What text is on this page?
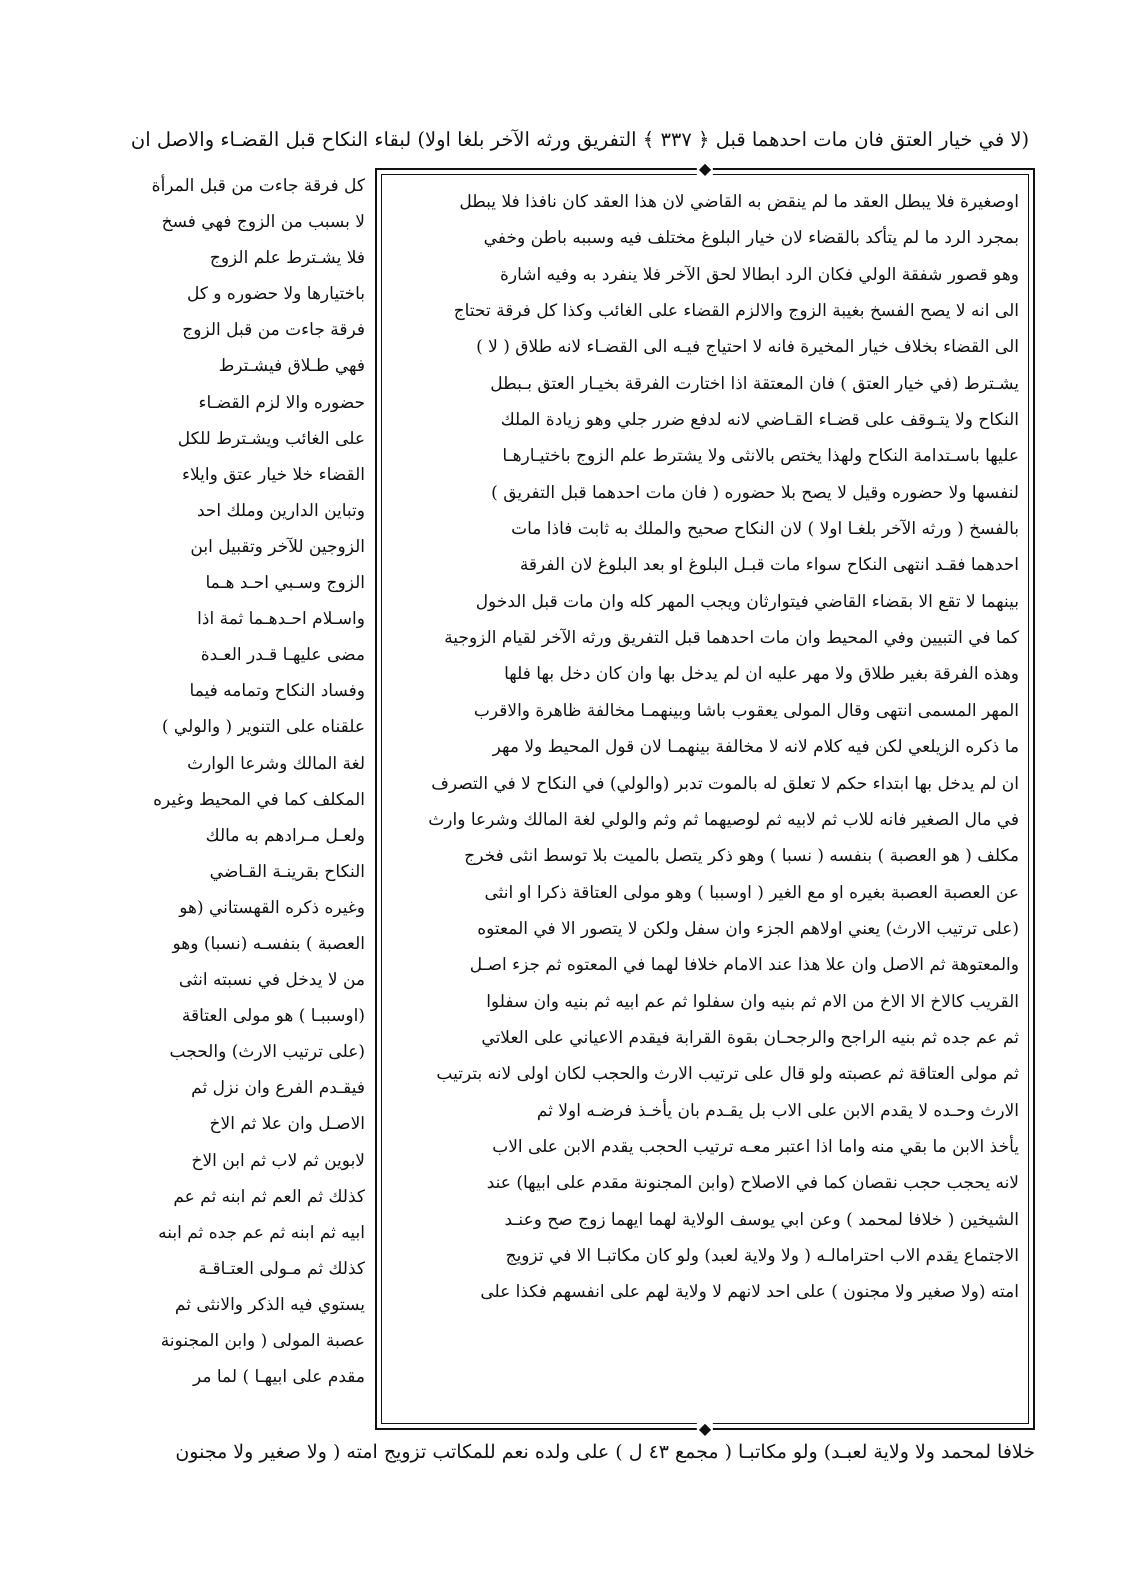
(لا في خيار العتق فان مات احدهما قبل ﴿ ٣٣٧ ﴾ التفريق ورثه الآخر بلغا اولا) لبقاء النكاح قبل القضـاء والاصل ان
كل فرقة جاءت من قبل المرأة
لا بسبب من الزوج فهي فسخ
فلا يشـترط علم الزوج
باختيارها ولا حضوره و كل
فرقة جاءت من قبل الزوج
فهي طـلاق فيشـترط
حضوره والا لزم القضـاء
على الغائب ويشـترط للكل
القضاء خلا خيار عتق وايلاء
وتباين الدارين وملك احد
الزوجين للآخر وتقبيل ابن
الزوج وسـبي احـد هـما
واسـلام احـدهـما ثمة اذا
مضى عليهـا قـدر العـدة
وفساد النكاح وتمامه فيما
علقناه على التنوير ( والولي )
لغة المالك وشرعا الوارث
المكلف كما في المحيط وغيره
ولعـل مـرادهم به مالك
النكاح بقرينـة القـاضي
وغيره ذكره القهستاني (هو
العصبة ) بنفسـه (نسبا) وهو
من لا يدخل في نسبته انثى
(اوسببـا ) هو مولى العتاقة
(على ترتيب الارث) والحجب
فيقـدم الفرع وان نزل ثم
الاصـل وان علا ثم الاخ
لابوين ثم لاب ثم ابن الاخ
كذلك ثم العم ثم ابنه ثم عم
ابيه ثم ابنه ثم عم جده ثم ابنه
كذلك ثم مـولى العتـاقـة
يستوي فيه الذكر والانثى ثم
عصبة المولى ( وابن المجنونة
مقدم على ابيهـا ) لما مر
◆
◆
اوصغيرة فلا يبطل العقد ما لم ينقض به القاضي لان هذا العقد كان نافذا فلا يبطل
بمجرد الرد ما لم يتأكد بالقضاء لان خيار البلوغ مختلف فيه وسببه باطن وخفي
وهو قصور شفقة الولي فكان الرد ابطالا لحق الآخر فلا ينفرد به وفيه اشارة
الى انه لا يصح الفسخ بغيبة الزوج والالزم القضاء على الغائب وكذا كل فرقة تحتاج
الى القضاء بخلاف خيار المخيرة فانه لا احتياج فيـه الى القضـاء لانه طلاق ( لا )
يشـترط (في خيار العتق ) فان المعتقة اذا اختارت الفرقة بخيـار العتق بـبطل
النكاح ولا يتـوقف على قضـاء القـاضي لانه لدفع ضرر جلي وهو زيادة الملك
عليها باسـتدامة النكاح ولهذا يختص بالانثى ولا يشترط علم الزوج باختيـارهـا
لنفسها ولا حضوره وقيل لا يصح بلا حضوره ( فان مات احدهما قبل التفريق )
بالفسخ ( ورثه الآخر بلغـا اولا ) لان النكاح صحيح والملك به ثابت فاذا مات
احدهما فقـد انتهى النكاح سواء مات قبـل البلوغ او بعد البلوغ لان الفرقة
بينهما لا تقع الا بقضاء القاضي فيتوارثان ويجب المهر كله وان مات قبل الدخول
كما في التبيين وفي المحيط وان مات احدهما قبل التفريق ورثه الآخر لقيام الزوجية
وهذه الفرقة بغير طلاق ولا مهر عليه ان لم يدخل بها وان كان دخل بها فلها
المهر المسمى انتهى وقال المولى يعقوب باشا وبينهمـا مخالفة ظاهرة والاقرب
ما ذكره الزيلعي لكن فيه كلام لانه لا مخالفة بينهمـا لان قول المحيط ولا مهر
ان لم يدخل بها ابتداء حكم لا تعلق له بالموت تدبر (والولي) في النكاح لا في التصرف
في مال الصغير فانه للاب ثم لابيه ثم لوصيهما ثم وثم والولي لغة المالك وشرعا وارث
مكلف ( هو العصبة ) بنفسه ( نسبا ) وهو ذكر يتصل بالميت بلا توسط انثى فخرج
عن العصبة العصبة بغيره او مع الغير ( اوسببا ) وهو مولى العتاقة ذكرا او انثى
(على ترتيب الارث) يعني اولاهم الجزء وان سفل ولكن لا يتصور الا في المعتوه
والمعتوهة ثم الاصل وان علا هذا عند الامام خلافا لهما في المعتوه ثم جزء اصـل
القريب كالاخ الا الاخ من الام ثم بنيه وان سفلوا ثم عم ابيه ثم بنيه وان سفلوا
ثم عم جده ثم بنيه الراجح والرجحـان بقوة القرابة فيقدم الاعياني على العلاتي
ثم مولى العتاقة ثم عصبته ولو قال على ترتيب الارث والحجب لكان اولى لانه بترتيب
الارث وحـده لا يقدم الابن على الاب بل يقـدم بان يأخـذ فرضـه اولا ثم
يأخذ الابن ما بقي منه واما اذا اعتبر معـه ترتيب الحجب يقدم الابن على الاب
لانه يحجب حجب نقصان كما في الاصلاح (وابن المجنونة مقدم على ابيها) عند
الشيخين ( خلافا لمحمد ) وعن ابي يوسف الولاية لهما ايهما زوج صح وعنـد
الاجتماع يقدم الاب احترامالـه ( ولا ولاية لعبد) ولو كان مكاتبـا الا في تزويج
امته (ولا صغير ولا مجنون ) على احد لانهم لا ولاية لهم على انفسهم فكذا على
خلافا لمحمد ولا ولاية لعبـد) ولو مكاتبـا ( مجمع ٤٣ ل ) على ولده نعم للمكاتب تزويج امته ( ولا صغير ولا مجنون
